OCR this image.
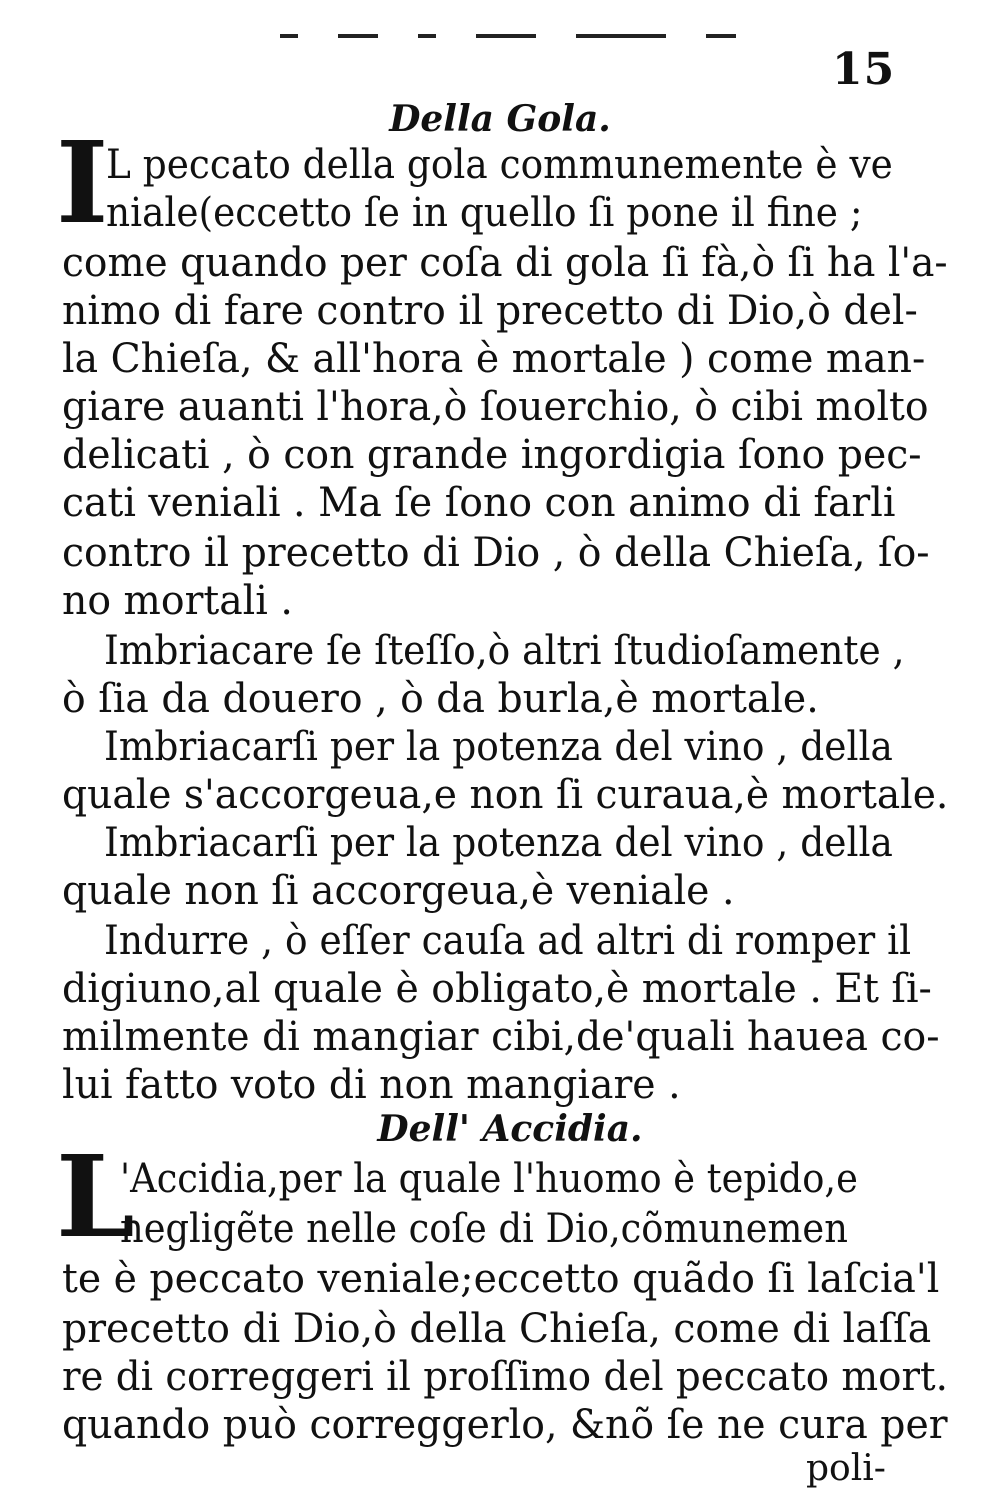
15
Della Gola.
I
L peccato della gola communemente è ve
niale(eccetto ſe in quello ſi pone il fine ;
come quando per coſa di gola ſi fà,ò ſi ha l'a-
nimo di fare contro il precetto di Dio,ò del-
la Chieſa, & all'hora è mortale ) come man-
giare auanti l'hora,ò ſouerchio, ò cibi molto
delicati , ò con grande ingordigia ſono pec-
cati veniali . Ma ſe ſono con animo di farli
contro il precetto di Dio , ò della Chieſa, ſo-
no mortali .
Imbriacare ſe ſteſſo,ò altri ſtudioſamente ,
ò ſia da douero , ò da burla,è mortale.
Imbriacarſi per la potenza del vino , della
quale s'accorgeua,e non ſi curaua,è mortale.
Imbriacarſi per la potenza del vino , della
quale non ſi accorgeua,è veniale .
Indurre , ò eſſer cauſa ad altri di romper il
digiuno,al quale è obligato,è mortale . Et ſi-
milmente di mangiar cibi,de'quali hauea co-
lui fatto voto di non mangiare .
Dell' Accidia.
L
'Accidia,per la quale l'huomo è tepido,e
negligẽte nelle coſe di Dio,cõmunemen
te è peccato veniale;eccetto quãdo ſi laſcia'l
precetto di Dio,ò della Chieſa, come di laſſa
re di correggeri il proſſimo del peccato mort.
quando può correggerlo, &nõ ſe ne cura per
poli-
